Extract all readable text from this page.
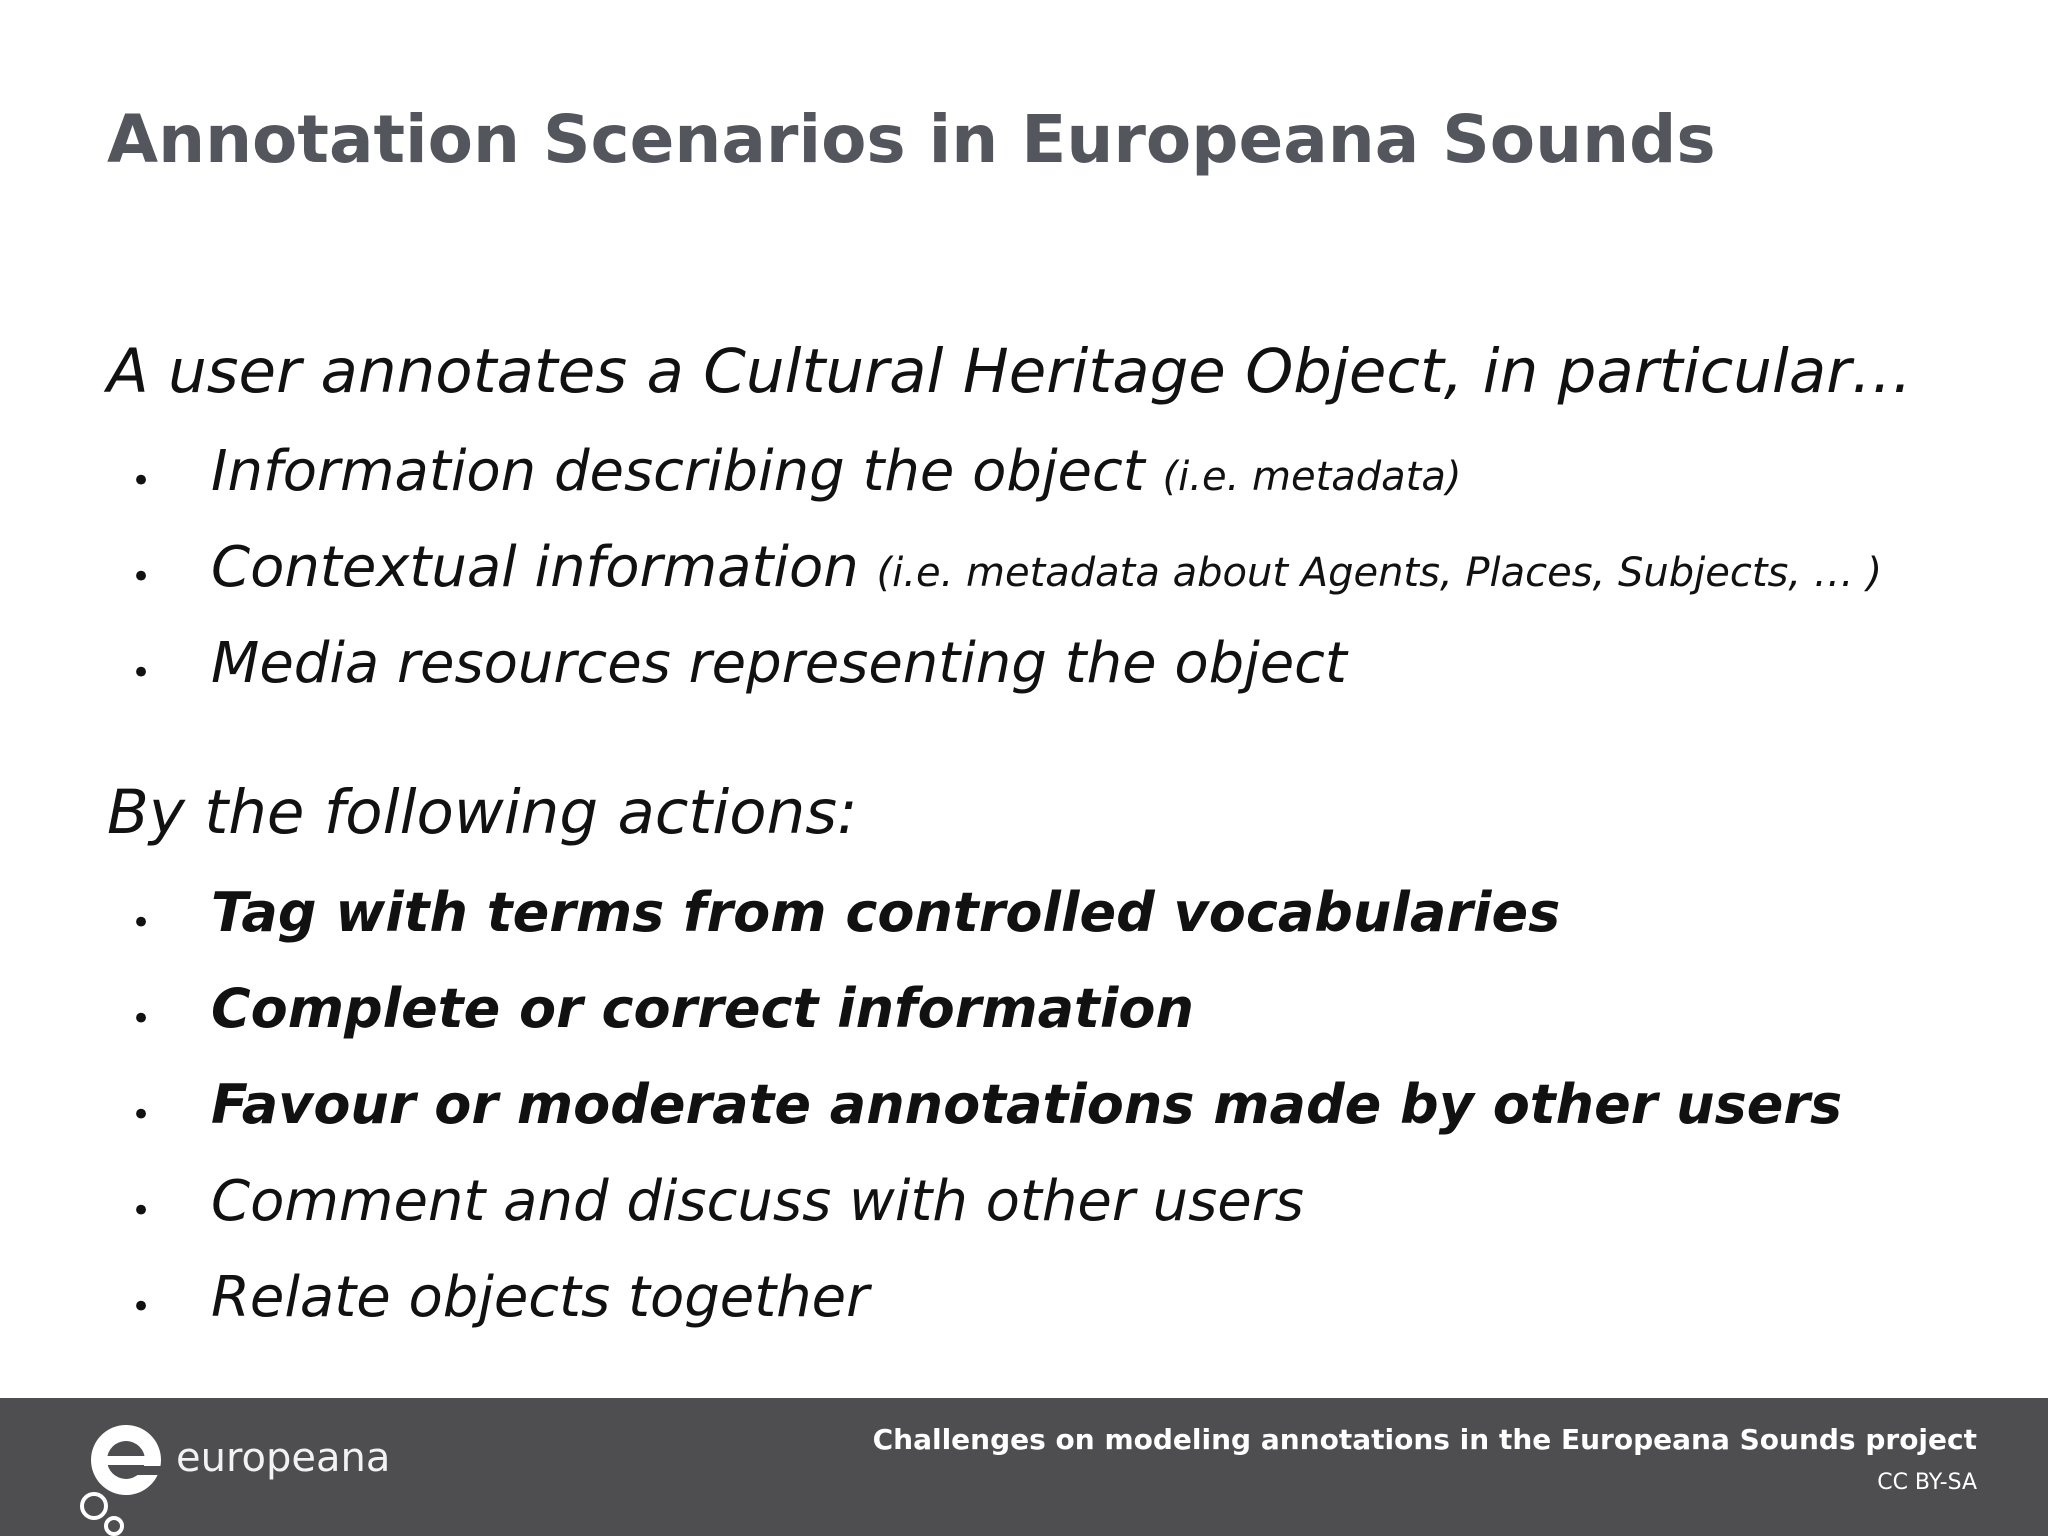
Annotation Scenarios in Europeana Sounds

A user annotates a Cultural Heritage Object, in particular…

• Information describing the object (i.e. metadata)
• Contextual information (i.e. metadata about Agents, Places, Subjects, … )
• Media resources representing the object

By the following actions:

• Tag with terms from controlled vocabularies
• Complete or correct information
• Favour or moderate annotations made by other users
• Comment and discuss with other users
• Relate objects together
europeana	Challenges on modeling annotations in the Europeana Sounds project
CC BY-SA
